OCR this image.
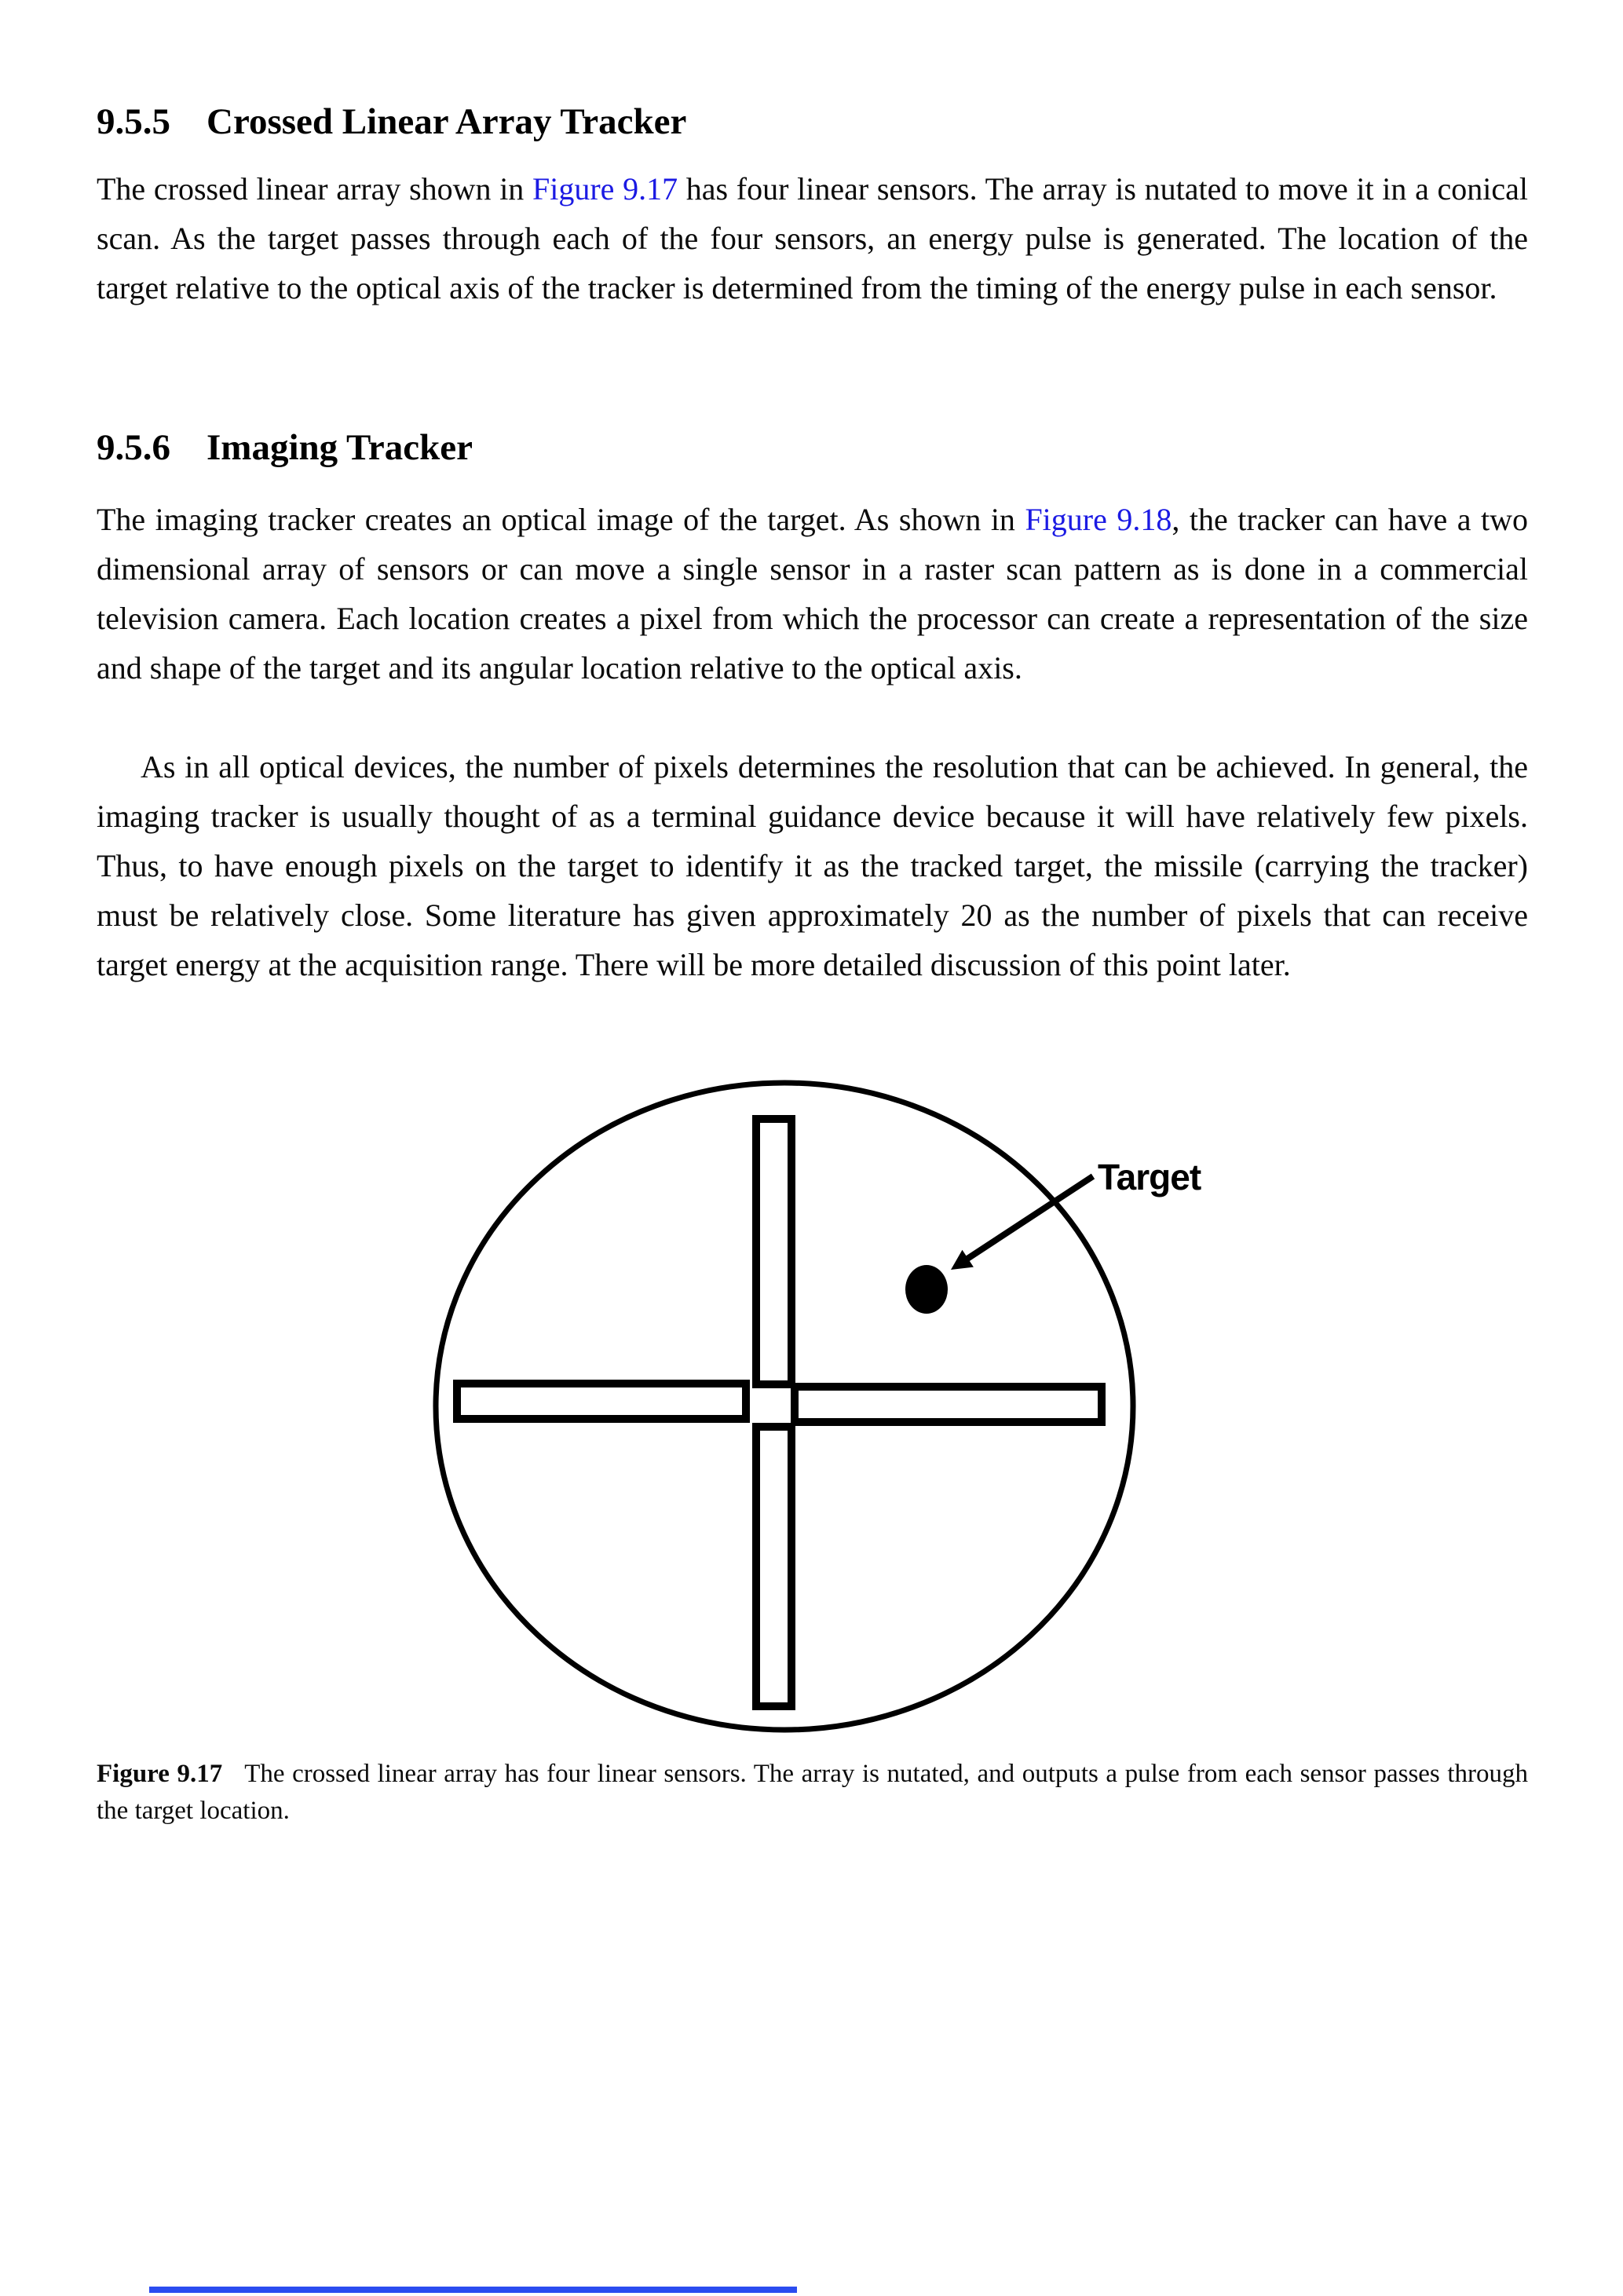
9.5.5 Crossed Linear Array Tracker

The crossed linear array shown in Figure 9.17 has four linear sensors. The array is nutated to move it in a conical scan. As the target passes through each of the four sensors, an energy pulse is generated. The location of the target relative to the optical axis of the tracker is determined from the timing of the energy pulse in each sensor.

9.5.6 Imaging Tracker

The imaging tracker creates an optical image of the target. As shown in Figure 9.18, the tracker can have a two dimensional array of sensors or can move a single sensor in a raster scan pattern as is done in a commercial television camera. Each location creates a pixel from which the processor can create a representation of the size and shape of the target and its angular location relative to the optical axis.

As in all optical devices, the number of pixels determines the resolution that can be achieved. In general, the imaging tracker is usually thought of as a terminal guidance device because it will have relatively few pixels. Thus, to have enough pixels on the target to identify it as the tracked target, the missile (carrying the tracker) must be relatively close. Some literature has given approximately 20 as the number of pixels that can receive target energy at the acquisition range. There will be more detailed discussion of this point later.

Target
Figure 9.17 The crossed linear array has four linear sensors. The array is nutated, and outputs a pulse from each sensor passes through the target location.
